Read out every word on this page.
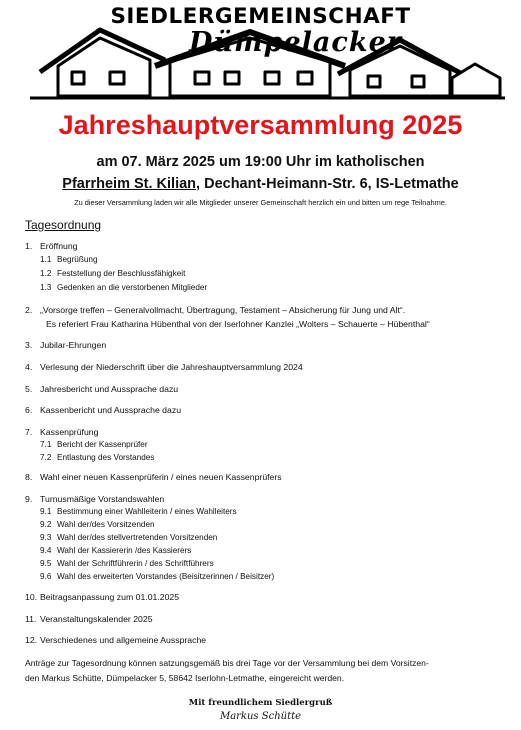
SIEDLERGEMEINSCHAFT
Dümpelacker
Jahreshauptversammlung 2025
am 07. März 2025 um 19:00 Uhr im katholischen
Pfarrheim St. Kilian, Dechant-Heimann-Str. 6, IS-Letmathe
Zu dieser Versammlung laden wir alle Mitglieder unserer Gemeinschaft herzlich ein und bitten um rege Teilnahme.
Tagesordnung
1. Eröffnung
1.1 Begrüßung
1.2 Feststellung der Beschlussfähigkeit
1.3 Gedenken an die verstorbenen Mitglieder
2. „Vorsorge treffen – Generalvollmacht, Übertragung, Testament – Absicherung für Jung und Alt“.
Es referiert Frau Katharina Hübenthal von der Iserlohner Kanzlei „Wolters – Schauerte – Hübenthal“
3. Jubilar-Ehrungen
4. Verlesung der Niederschrift über die Jahreshauptversammlung 2024
5. Jahresbericht und Aussprache dazu
6. Kassenbericht und Aussprache dazu
7. Kassenprüfung
7.1 Bericht der Kassenprüfer
7.2 Entlastung des Vorstandes
8. Wahl einer neuen Kassenprüferin / eines neuen Kassenprüfers
9. Turnusmäßige Vorstandswahlen
9.1 Bestimmung einer Wahlleiterin / eines Wahlleiters
9.2 Wahl der/des Vorsitzenden
9.3 Wahl der/des stellvertretenden Vorsitzenden
9.4 Wahl der Kassiererin /des Kassierers
9.5 Wahl der Schriftführerin / des Schriftführers
9.6 Wahl des erweiterten Vorstandes (Beisitzerinnen / Beisitzer)
10. Beitragsanpassung zum 01.01.2025
11. Veranstaltungskalender 2025
12. Verschiedenes und allgemeine Aussprache
Anträge zur Tagesordnung können satzungsgemäß bis drei Tage vor der Versammlung bei dem Vorsitzen-
den Markus Schütte, Dümpelacker 5, 58642 Iserlohn-Letmathe, eingereicht werden.
Mit freundlichem Siedlergruß
Markus Schütte
